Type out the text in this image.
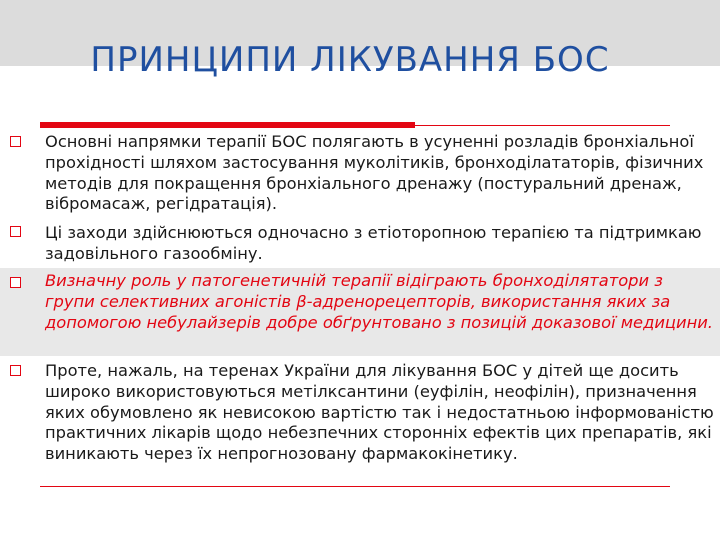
ПРИНЦИПИ ЛІКУВАННЯ БОС
Основні напрямки терапії БОС полягають в усуненні розладів бронхіальної прохідності шляхом застосування муколітиків, бронходілататорів, фізичних методів для покращення бронхіального дренажу (постуральний дренаж, вібромасаж, регідратація).
Ці заходи здійснюються одночасно з етіоторопною терапією та підтримкаю задовільного газообміну.
Визначну роль у патогенетичній терапії відіграють бронходілятатори з групи селективних агоністів β-адренорецепторів, використання яких за допомогою небулайзерів добре обґрунтовано з позицій доказової медицини.
Проте, нажаль, на теренах України для лікування БОС у дітей ще досить широко використовуються метілксантини (еуфілін, неофілін), призначення яких обумовлено як невисокою вартістю так і недостатньою інформованістю практичних лікарів щодо небезпечних сторонніх ефектів цих препаратів, які виникають через їх непрогнозовану фармакокінетику.
